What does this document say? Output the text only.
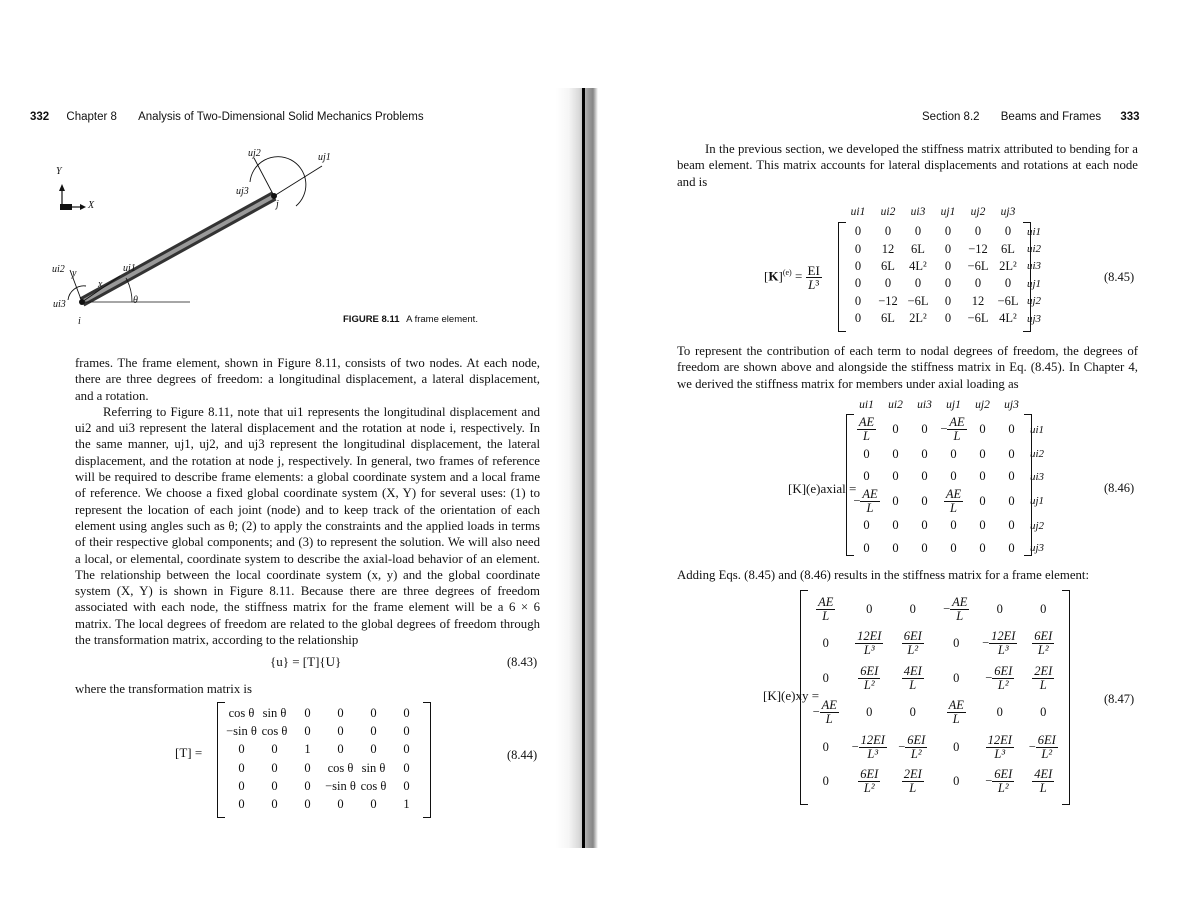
332 Chapter 8 Analysis of Two-Dimensional Solid Mechanics Problems
Y
X
uj2	uj1
uj3
j
ui2 y
x
ui1
ui3	θ
i	FIGURE 8.11 A frame element.

frames. The frame element, shown in Figure 8.11, consists of two nodes. At each node, there are three degrees of freedom: a longitudinal displacement, a lateral displacement, and a rotation.

Referring to Figure 8.11, note that ui1 represents the longitudinal displacement and ui2 and ui3 represent the lateral displacement and the rotation at node i, respectively. In the same manner, uj1, uj2, and uj3 represent the longitudinal displacement, the lateral displacement, and the rotation at node j, respectively. In general, two frames of reference will be required to describe frame elements: a global coordinate system and a local frame of reference. We choose a fixed global coordinate system (X, Y) for several uses: (1) to represent the location of each joint (node) and to keep track of the orientation of each element using angles such as θ; (2) to apply the constraints and the applied loads in terms of their respective global components; and (3) to represent the solution. We will also need a local, or elemental, coordinate system to describe the axial-load behavior of an element. The relationship between the local coordinate system (x, y) and the global coordinate system (X, Y) is shown in Figure 8.11. Because there are three degrees of freedom associated with each node, the stiffness matrix for the frame element will be a 6 × 6 matrix. The local degrees of freedom are related to the global degrees of freedom through the transformation matrix, according to the relationship

{u} = [T]{U}	(8.43)
where the transformation matrix is
[T] =
cos θ	sin θ	0	0	0	0
−sin θ	cos θ	0	0	0	0
0	0	1	0	0	0
0	0	0	cos θ	sin θ	0
0	0	0	−sin θ	cos θ	0
0	0	0	0	0	1
(8.44)
Section 8.2 Beams and Frames 333

In the previous section, we developed the stiffness matrix attributed to bending for a beam element. This matrix accounts for lateral displacements and rotations at each node and is

$[K]^{(e)} = \frac{EI}{\text{L³}}$
ui1	ui2	ui3	uj1	uj2	uj3
0	0	0	0	0	0	ui1
0	12	6L	0	−12	6L	ui2
0	6L	4L²	0	−6L	2L²	ui3
0	0	0	0	0	0	uj1
0	−12	−6L	0	12	−6L	uj2
0	6L	2L²	0	−6L	4L²	uj3
(8.45)

To represent the contribution of each term to nodal degrees of freedom, the degrees of freedom are shown above and alongside the stiffness matrix in Eq. (8.45). In Chapter 4, we derived the stiffness matrix for members under axial loading as

[K](e)axial =
ui1	ui2	ui3	uj1	uj2	uj3
$\frac{AE}{L}$	0	0	− $\frac{AE}{L}$	0	0	ui1
0	0	0	0	0	0	ui2
0	0	0	0	0	0	ui3
− $\frac{AE}{L}$	0	0	$\frac{AE}{L}$	0	0	uj1
0	0	0	0	0	0	uj2
0	0	0	0	0	0	uj3
(8.46)
Adding Eqs. (8.45) and (8.46) results in the stiffness matrix for a frame element:
[K](e)xy =
$\frac{AE}{L}$	0	0	− $\frac{AE}{L}$	0	0
0	$\frac{12EI}{\text{L³}}$	$\frac{6EI}{\text{L²}}$	0	− $\frac{12EI}{\text{L³}}$	$\frac{6EI}{\text{L²}}$

0	$\frac{6EI}{\text{L²}}$	$\frac{4EI}{L}$	0	− $\frac{6EI}{\text{L²}}$	$\frac{2EI}{L}$

− $\frac{AE}{L}$	0	0	$\frac{AE}{L}$	0	0
0	− $\frac{12EI}{\text{L³}}$	− $\frac{6EI}{\text{L²}}$	0	$\frac{12EI}{\text{L³}}$	− $\frac{6EI}{\text{L²}}$

0	$\frac{6EI}{\text{L²}}$	$\frac{2EI}{L}$	0	− $\frac{6EI}{\text{L²}}$	$\frac{4EI}{L}$
(8.47)
